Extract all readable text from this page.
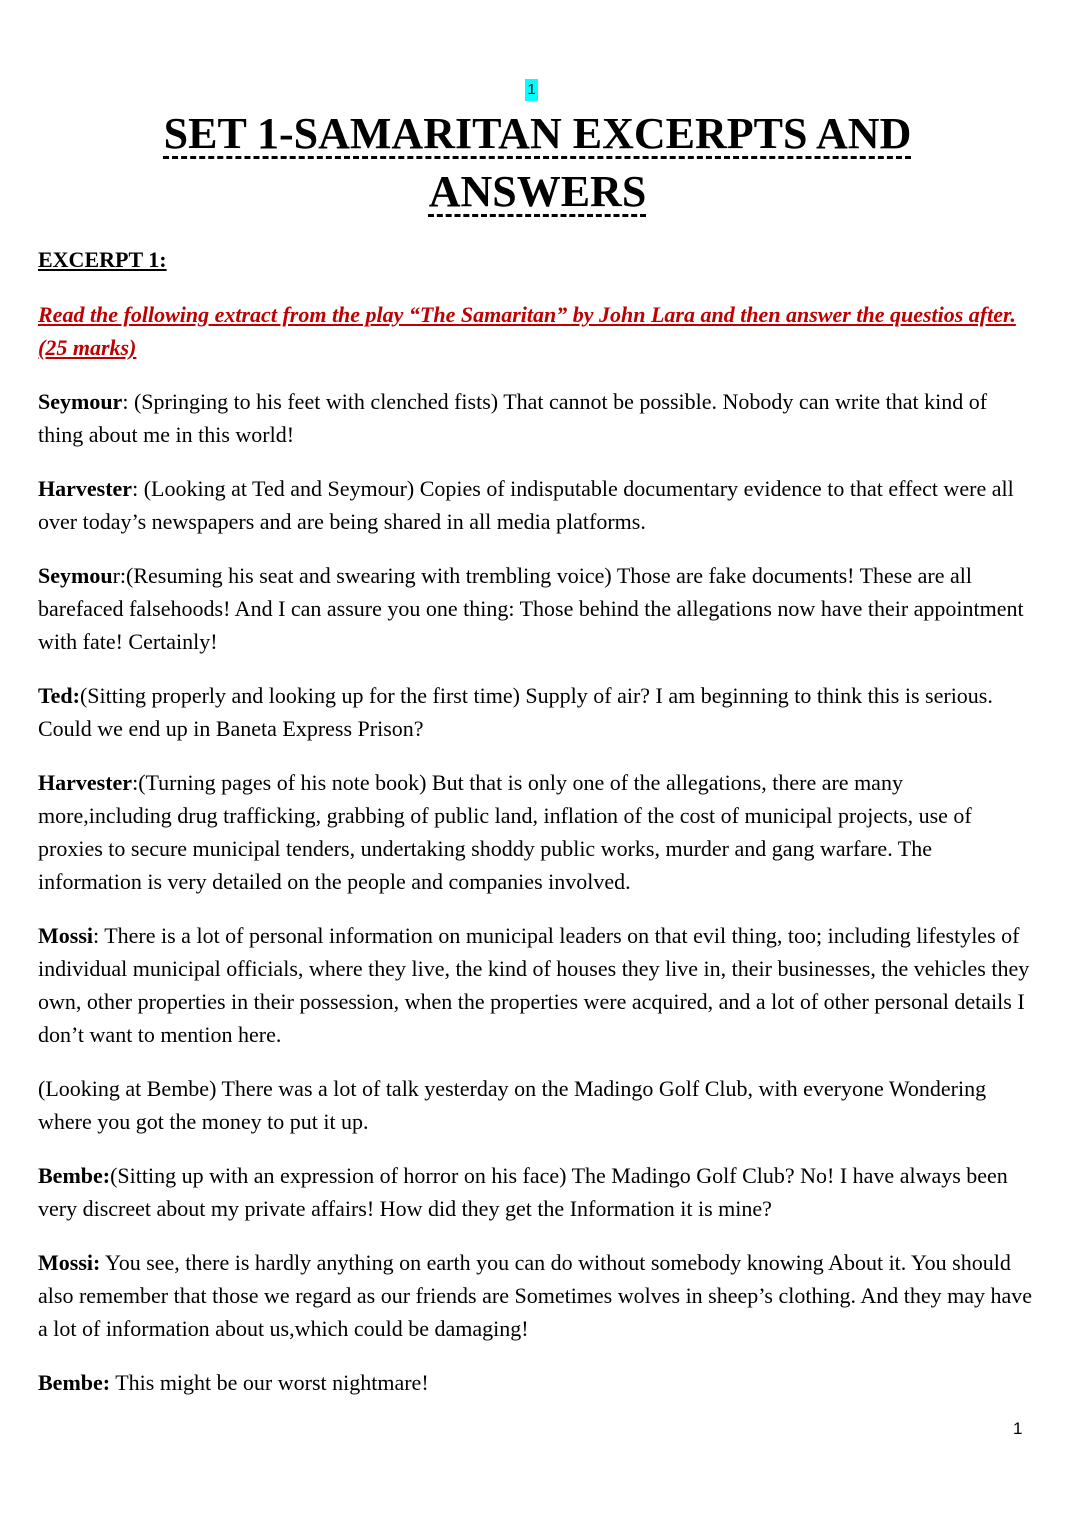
1
SET 1-SAMARITAN EXCERPTS AND
ANSWERS

EXCERPT 1:

Read the following extract from the play “The Samaritan” by John Lara and then answer the questios after. (25 marks)

Seymour: (Springing to his feet with clenched fists) That cannot be possible. Nobody can write that kind of thing about me in this world!

Harvester: (Looking at Ted and Seymour) Copies of indisputable documentary evidence to that effect were all over today’s newspapers and are being shared in all media platforms.

Seymour:(Resuming his seat and swearing with trembling voice) Those are fake documents! These are all barefaced falsehoods! And I can assure you one thing: Those behind the allegations now have their appointment with fate! Certainly!

Ted:(Sitting properly and looking up for the first time) Supply of air? I am beginning to think this is serious. Could we end up in Baneta Express Prison?

Harvester:(Turning pages of his note book) But that is only one of the allegations, there are many more,including drug trafficking, grabbing of public land, inflation of the cost of municipal projects, use of proxies to secure municipal tenders, undertaking shoddy public works, murder and gang warfare. The information is very detailed on the people and companies involved.

Mossi: There is a lot of personal information on municipal leaders on that evil thing, too; including lifestyles of individual municipal officials, where they live, the kind of houses they live in, their businesses, the vehicles they own, other properties in their possession, when the properties were acquired, and a lot of other personal details I don’t want to mention here.

(Looking at Bembe) There was a lot of talk yesterday on the Madingo Golf Club, with everyone Wondering where you got the money to put it up.

Bembe:(Sitting up with an expression of horror on his face) The Madingo Golf Club? No! I have always been very discreet about my private affairs! How did they get the Information it is mine?

Mossi: You see, there is hardly anything on earth you can do without somebody knowing About it. You should also remember that those we regard as our friends are Sometimes wolves in sheep’s clothing. And they may have a lot of information about us,which could be damaging!

Bembe: This might be our worst nightmare!

1
